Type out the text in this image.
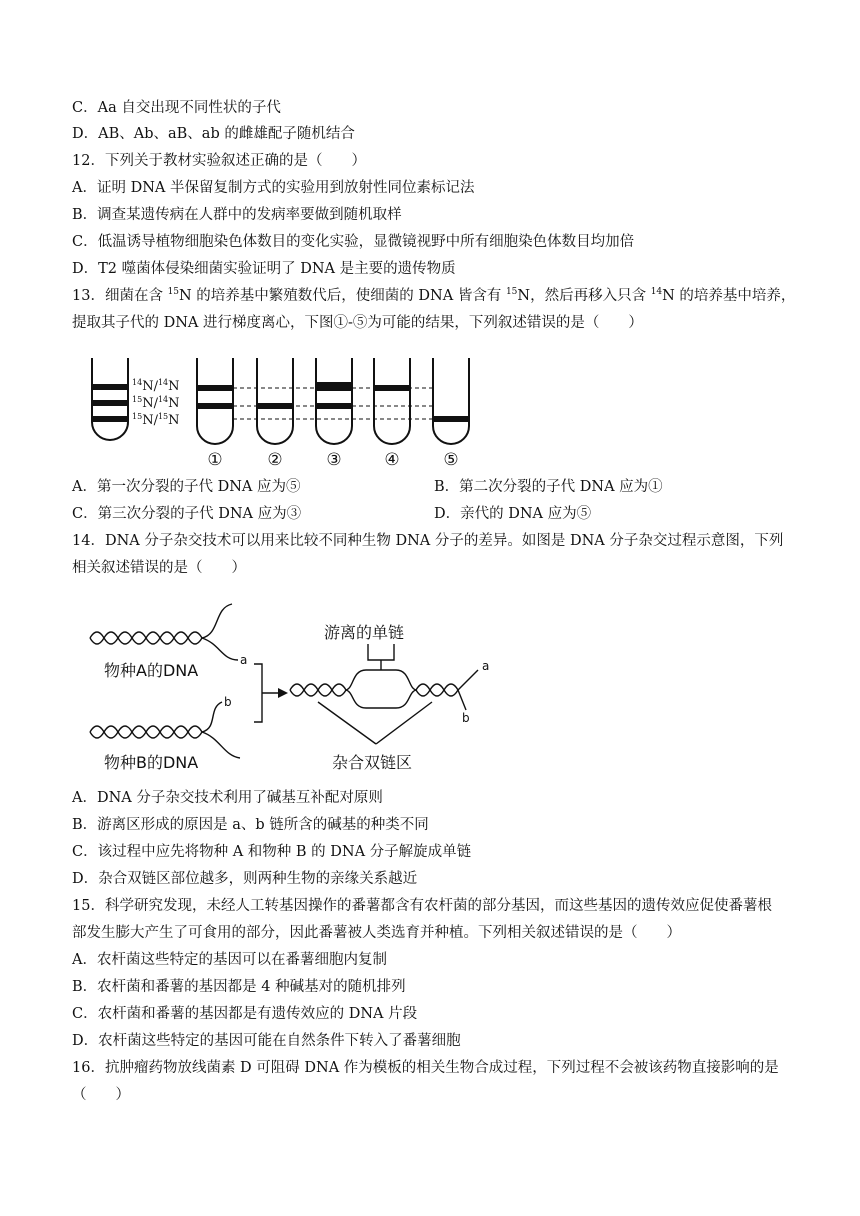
C．Aa 自交出现不同性状的子代
D．AB、Ab、aB、ab 的雌雄配子随机结合
12．下列关于教材实验叙述正确的是（　　）
A．证明 DNA 半保留复制方式的实验用到放射性同位素标记法
B．调查某遗传病在人群中的发病率要做到随机取样
C．低温诱导植物细胞染色体数目的变化实验，显微镜视野中所有细胞染色体数目均加倍
D．T2 噬菌体侵染细菌实验证明了 DNA 是主要的遗传物质
13．细菌在含 $^{15}$N 的培养基中繁殖数代后，使细菌的 DNA 皆含有 $^{15}$N，然后再移入只含 $^{14}$N 的培养基中培养，
提取其子代的 DNA 进行梯度离心，下图①-⑤为可能的结果，下列叙述错误的是（　　）
$^{14}$N/$^{14}$N
$^{15}$N/$^{14}$N
$^{15}$N/$^{15}$N
①	②	③	④	⑤
A．第一次分裂的子代 DNA 应为⑤	B．第二次分裂的子代 DNA 应为①
C．第三次分裂的子代 DNA 应为③	D．亲代的 DNA 应为⑤
14．DNA 分子杂交技术可以用来比较不同种生物 DNA 分子的差异。如图是 DNA 分子杂交过程示意图，下列
相关叙述错误的是（　　）
物种A的DNA
物种B的DNA
a
b
游离的单链
杂合双链区
a
b
A．DNA 分子杂交技术利用了碱基互补配对原则
B．游离区形成的原因是 a、b 链所含的碱基的种类不同
C．该过程中应先将物种 A 和物种 B 的 DNA 分子解旋成单链
D．杂合双链区部位越多，则两种生物的亲缘关系越近
15．科学研究发现，未经人工转基因操作的番薯都含有农杆菌的部分基因，而这些基因的遗传效应促使番薯根
部发生膨大产生了可食用的部分，因此番薯被人类选育并种植。下列相关叙述错误的是（　　）
A．农杆菌这些特定的基因可以在番薯细胞内复制
B．农杆菌和番薯的基因都是 4 种碱基对的随机排列
C．农杆菌和番薯的基因都是有遗传效应的 DNA 片段
D．农杆菌这些特定的基因可能在自然条件下转入了番薯细胞
16．抗肿瘤药物放线菌素 D 可阻碍 DNA 作为模板的相关生物合成过程，下列过程不会被该药物直接影响的是
（　　）
